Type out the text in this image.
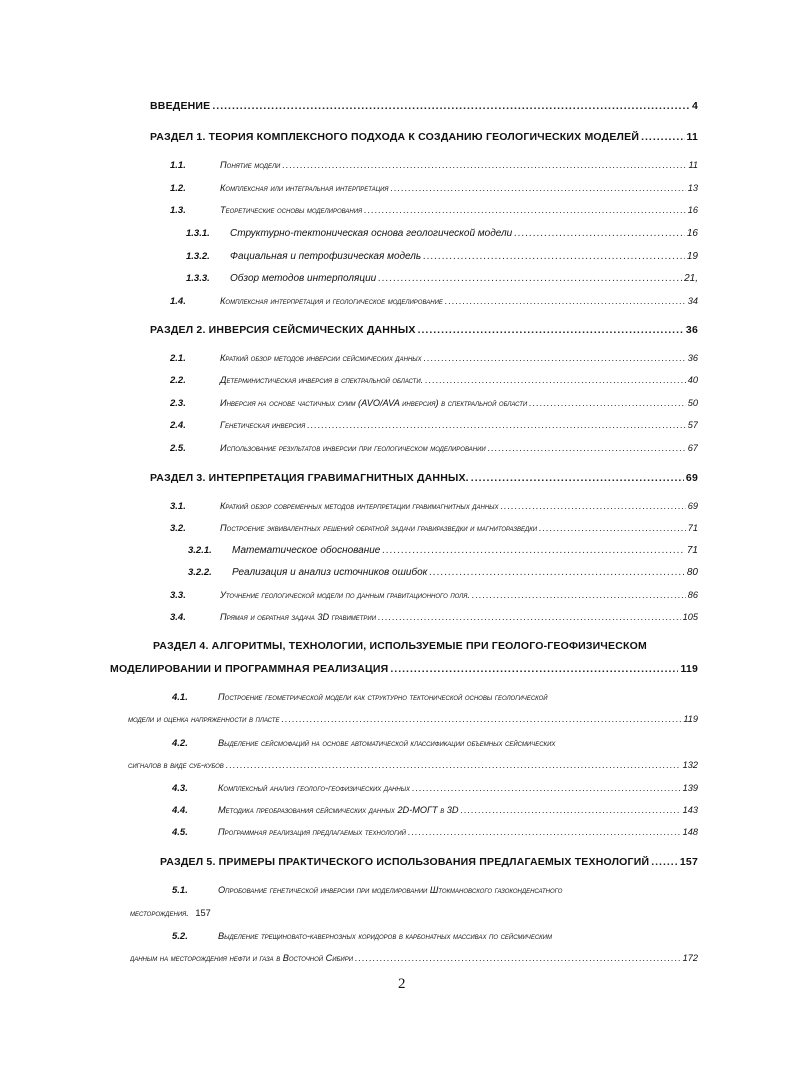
ВВЕДЕНИЕ .....	4
РАЗДЕЛ 1. ТЕОРИЯ КОМПЛЕКСНОГО ПОДХОДА К СОЗДАНИЮ ГЕОЛОГИЧЕСКИХ МОДЕЛЕЙ .....	11
1.1.	Понятие модели .....	11
1.2.	Комплексная или интегральная интерпретация .....	13
1.3.	Теоретические основы моделирования .....	16
1.3.1.	Структурно-тектоническая основа геологической модели .....	16
1.3.2.	Фациальная и петрофизическая модель .....	19
1.3.3.	Обзор методов интерполяции .....	21,
1.4.	Комплексная интерпретация и геологическое моделирование .....	34
РАЗДЕЛ 2. ИНВЕРСИЯ СЕЙСМИЧЕСКИХ ДАННЫХ .....	36
2.1.	Краткий обзор методов инверсии сейсмических данных .....	36
2.2.	Детерминистическая инверсия в спектральной области. .....	40
2.3.	Инверсия на основе частичных сумм (AVO/AVA инверсия) в спектральной области .....	50
2.4.	Генетическая инверсия .....	57
2.5.	Использование результатов инверсии при геологическом моделировании .....	67
РАЗДЕЛ 3. ИНТЕРПРЕТАЦИЯ ГРАВИМАГНИТНЫХ ДАННЫХ. .....	69
3.1.	Краткий обзор современных методов интерпретации гравимагнитных данных .....	69
3.2.	Построение эквивалентных решений обратной задачи гравиразведки и магниторазведки .....	71
3.2.1.	Математическое обоснование .....	71
3.2.2.	Реализация и анализ источников ошибок .....	80
3.3.	Уточнение геологической модели по данным гравитационного поля. .....	86
3.4.	Прямая и обратная задача 3D гравиметрии .....	105
РАЗДЕЛ 4. АЛГОРИТМЫ, ТЕХНОЛОГИИ, ИСПОЛЬЗУЕМЫЕ ПРИ ГЕОЛОГО-ГЕОФИЗИЧЕСКОМ
МОДЕЛИРОВАНИИ И ПРОГРАММНАЯ РЕАЛИЗАЦИЯ .....	119
4.1.	Построение геометрической модели как структурно тектонической основы геологической
модели и оценка напряженности в пласте .....	119
4.2.	Выделение сейсмофаций на основе автоматической классификации объемных сейсмических
сигналов в виде суб-кубов .....	132
4.3.	Комплексный анализ геолого-геофизических данных .....	139
4.4.	Методика преобразования сейсмических данных 2D-МОГТ в 3D .....	143
4.5.	Программная реализация предлагаемых технологий .....	148
РАЗДЕЛ 5. ПРИМЕРЫ ПРАКТИЧЕСКОГО ИСПОЛЬЗОВАНИЯ ПРЕДЛАГАЕМЫХ ТЕХНОЛОГИЙ .....	157
5.1.	Опробование генетической инверсии при моделировании Штокмановского газоконденсатного
месторождения. 157
5.2.	Выделение трещиновато-кавернозных коридоров в карбонатных массивах по сейсмическим
данным на месторождения нефти и газа в Восточной Сибири .....	172
2
